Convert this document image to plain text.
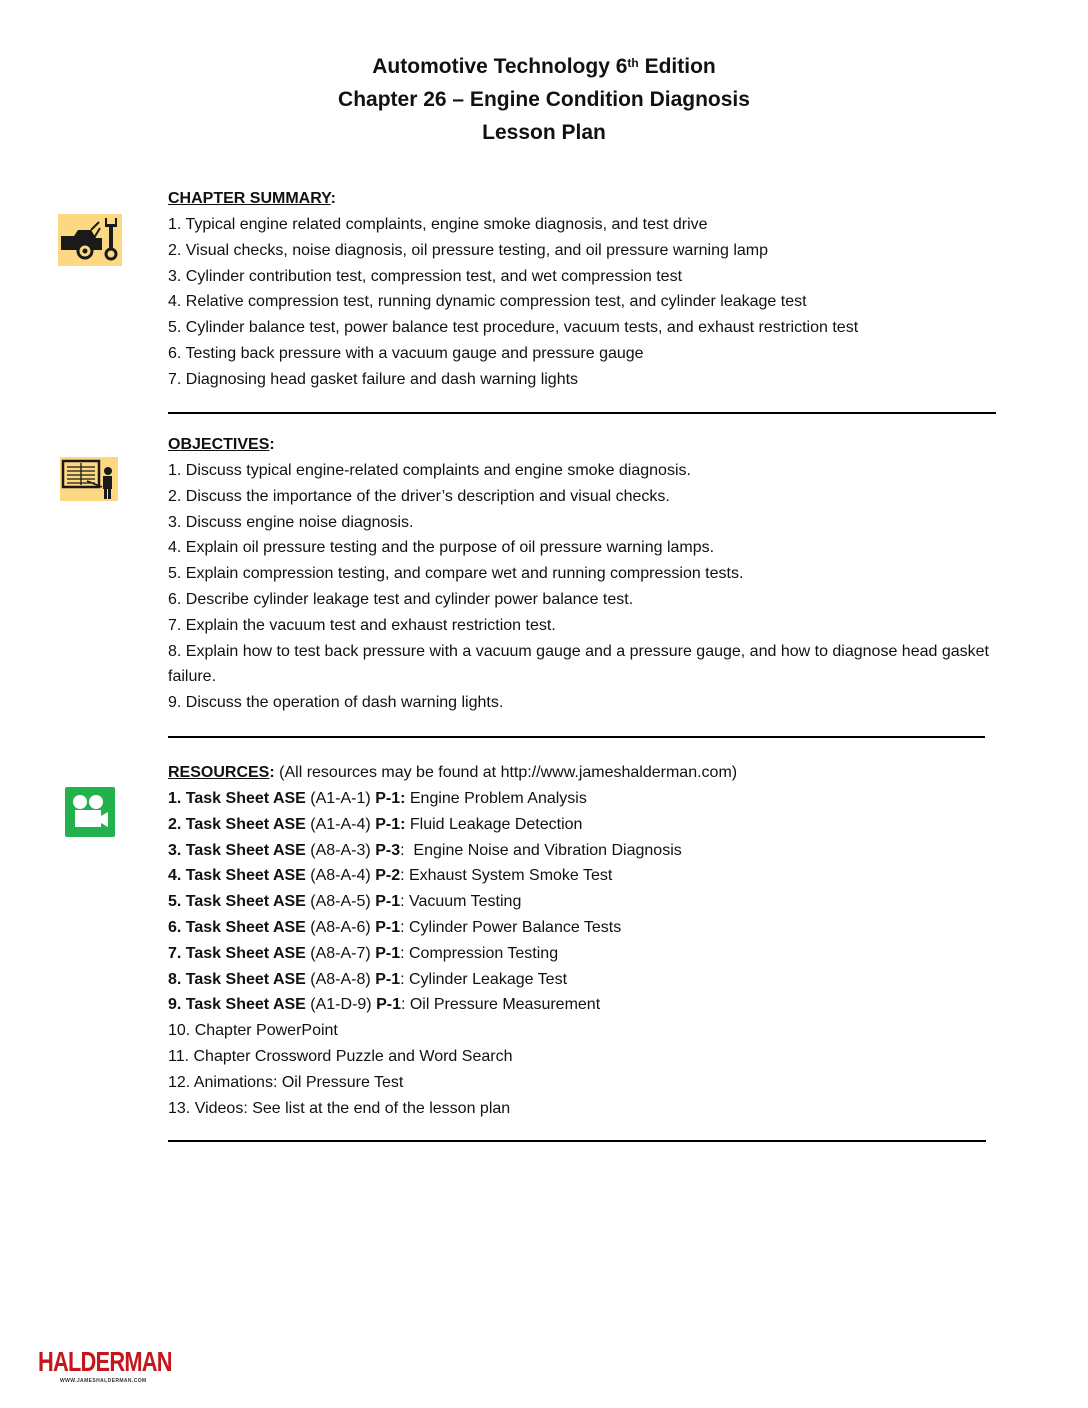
Automotive Technology 6th Edition
Chapter 26 – Engine Condition Diagnosis
Lesson Plan
CHAPTER SUMMARY:
1. Typical engine related complaints, engine smoke diagnosis, and test drive
2. Visual checks, noise diagnosis, oil pressure testing, and oil pressure warning lamp
3. Cylinder contribution test, compression test, and wet compression test
4. Relative compression test, running dynamic compression test, and cylinder leakage test
5. Cylinder balance test, power balance test procedure, vacuum tests, and exhaust restriction test
6. Testing back pressure with a vacuum gauge and pressure gauge
7. Diagnosing head gasket failure and dash warning lights
OBJECTIVES:
1. Discuss typical engine-related complaints and engine smoke diagnosis.
2. Discuss the importance of the driver’s description and visual checks.
3. Discuss engine noise diagnosis.
4. Explain oil pressure testing and the purpose of oil pressure warning lamps.
5. Explain compression testing, and compare wet and running compression tests.
6. Describe cylinder leakage test and cylinder power balance test.
7. Explain the vacuum test and exhaust restriction test.
8. Explain how to test back pressure with a vacuum gauge and a pressure gauge, and how to diagnose head gasket failure.
9. Discuss the operation of dash warning lights.
RESOURCES: (All resources may be found at http://www.jameshalderman.com)
1. Task Sheet ASE (A1-A-1) P-1: Engine Problem Analysis
2. Task Sheet ASE (A1-A-4) P-1: Fluid Leakage Detection
3. Task Sheet ASE (A8-A-3) P-3:  Engine Noise and Vibration Diagnosis
4. Task Sheet ASE (A8-A-4) P-2: Exhaust System Smoke Test
5. Task Sheet ASE (A8-A-5) P-1: Vacuum Testing
6. Task Sheet ASE (A8-A-6) P-1: Cylinder Power Balance Tests
7. Task Sheet ASE (A8-A-7) P-1: Compression Testing
8. Task Sheet ASE (A8-A-8) P-1: Cylinder Leakage Test
9. Task Sheet ASE (A1-D-9) P-1: Oil Pressure Measurement
10. Chapter PowerPoint
11. Chapter Crossword Puzzle and Word Search
12. Animations: Oil Pressure Test
13. Videos: See list at the end of the lesson plan
HALDERMAN
WWW.JAMESHALDERMAN.COM
